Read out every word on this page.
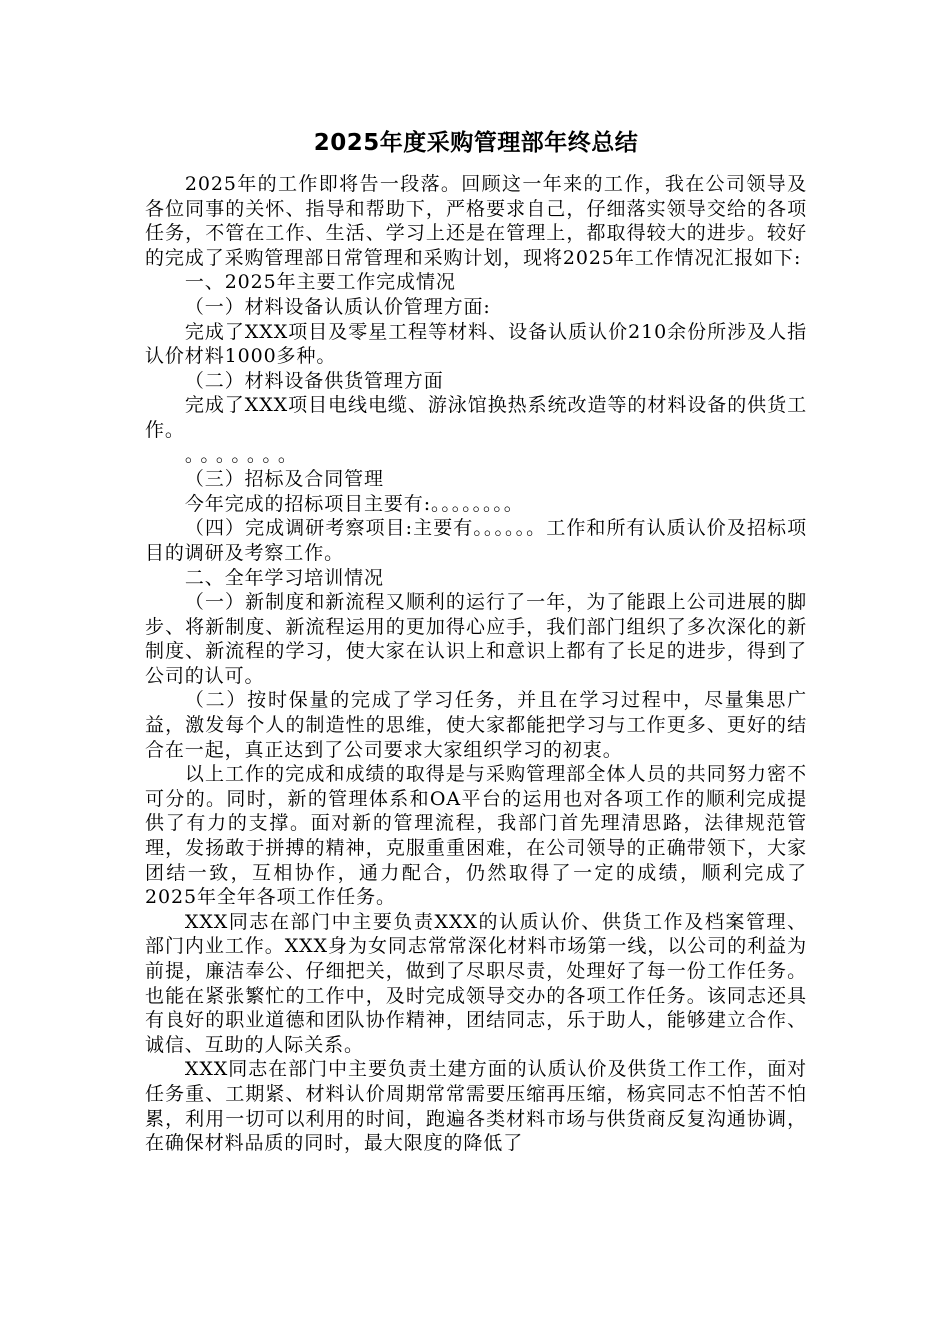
2025年度采购管理部年终总结

2025年的工作即将告一段落。回顾这一年来的工作，我在公司领导及各位同事的关怀、指导和帮助下，严格要求自己，仔细落实领导交给的各项任务，不管在工作、生活、学习上还是在管理上，都取得较大的进步。较好的完成了采购管理部日常管理和采购计划，现将2025年工作情况汇报如下:

一、2025年主要工作完成情况

（一）材料设备认质认价管理方面:

完成了XXX项目及零星工程等材料、设备认质认价210余份所涉及人指认价材料1000多种。

（二）材料设备供货管理方面

完成了XXX项目电线电缆、游泳馆换热系统改造等的材料设备的供货工作。

。。。。。。。

（三）招标及合同管理

今年完成的招标项目主要有:。。。。。。。。

（四）完成调研考察项目:主要有。。。。。。工作和所有认质认价及招标项目的调研及考察工作。

二、全年学习培训情况

（一）新制度和新流程又顺利的运行了一年，为了能跟上公司进展的脚步、将新制度、新流程运用的更加得心应手，我们部门组织了多次深化的新制度、新流程的学习，使大家在认识上和意识上都有了长足的进步，得到了公司的认可。

（二）按时保量的完成了学习任务，并且在学习过程中，尽量集思广益，激发每个人的制造性的思维，使大家都能把学习与工作更多、更好的结合在一起，真正达到了公司要求大家组织学习的初衷。

以上工作的完成和成绩的取得是与采购管理部全体人员的共同努力密不可分的。同时，新的管理体系和OA平台的运用也对各项工作的顺利完成提供了有力的支撑。面对新的管理流程，我部门首先理清思路，法律规范管理，发扬敢于拼搏的精神，克服重重困难，在公司领导的正确带领下，大家团结一致，互相协作，通力配合，仍然取得了一定的成绩，顺利完成了2025年全年各项工作任务。

XXX同志在部门中主要负责XXX的认质认价、供货工作及档案管理、部门内业工作。XXX身为女同志常常深化材料市场第一线，以公司的利益为前提，廉洁奉公、仔细把关，做到了尽职尽责，处理好了每一份工作任务。也能在紧张繁忙的工作中，及时完成领导交办的各项工作任务。该同志还具有良好的职业道德和团队协作精神，团结同志，乐于助人，能够建立合作、诚信、互助的人际关系。

XXX同志在部门中主要负责土建方面的认质认价及供货工作工作，面对任务重、工期紧、材料认价周期常常需要压缩再压缩，杨宾同志不怕苦不怕累，利用一切可以利用的时间，跑遍各类材料市场与供货商反复沟通协调，在确保材料品质的同时，最大限度的降低了
